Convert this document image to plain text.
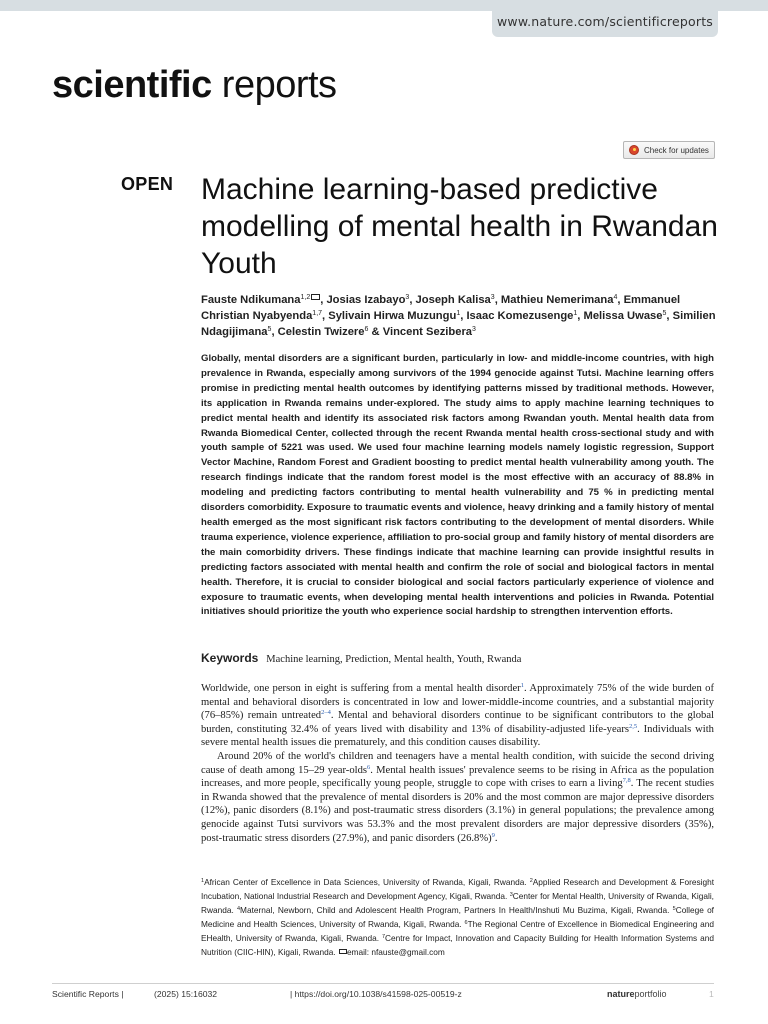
www.nature.com/scientificreports
scientific reports
Check for updates
OPEN Machine learning-based predictive modelling of mental health in Rwandan Youth
Fauste Ndikumana$^{1,2}$ , Josias Izabayo$^3$, Joseph Kalisa$^3$, Mathieu Nemerimana$^4$, Emmanuel Christian Nyabyenda$^{1,7}$, Sylivain Hirwa Muzungu$^1$, Isaac Komezusenge$^1$, Melissa Uwase$^5$, Similien Ndagijimana$^5$, Celestin Twizere$^6$ & Vincent Sezibera$^3$
Globally, mental disorders are a significant burden, particularly in low- and middle-income countries, with high prevalence in Rwanda, especially among survivors of the 1994 genocide against Tutsi. Machine learning offers promise in predicting mental health outcomes by identifying patterns missed by traditional methods. However, its application in Rwanda remains under-explored. The study aims to apply machine learning techniques to predict mental health and identify its associated risk factors among Rwandan youth. Mental health data from Rwanda Biomedical Center, collected through the recent Rwanda mental health cross-sectional study and with youth sample of 5221 was used. We used four machine learning models namely logistic regression, Support Vector Machine, Random Forest and Gradient boosting to predict mental health vulnerability among youth. The research findings indicate that the random forest model is the most effective with an accuracy of 88.8% in modeling and predicting factors contributing to mental health vulnerability and 75 % in predicting mental disorders comorbidity. Exposure to traumatic events and violence, heavy drinking and a family history of mental health emerged as the most significant risk factors contributing to the development of mental disorders. While trauma experience, violence experience, affiliation to pro-social group and family history of mental disorders are the main comorbidity drivers. These findings indicate that machine learning can provide insightful results in predicting factors associated with mental health and confirm the role of social and biological factors in mental health. Therefore, it is crucial to consider biological and social factors particularly experience of violence and exposure to traumatic events, when developing mental health interventions and policies in Rwanda. Potential initiatives should prioritize the youth who experience social hardship to strengthen intervention efforts.
Keywords Machine learning, Prediction, Mental health, Youth, Rwanda

Worldwide, one person in eight is suffering from a mental health disorder$^1$. Approximately 75% of the wide burden of mental and behavioral disorders is concentrated in low and lower-middle-income countries, and a substantial majority (76–85%) remain untreated$^{2-4}$. Mental and behavioral disorders continue to be significant contributors to the global burden, constituting 32.4% of years lived with disability and 13% of disability-adjusted life-years$^{2,5}$. Individuals with severe mental health issues die prematurely, and this condition causes disability.

Around 20% of the world's children and teenagers have a mental health condition, with suicide the second driving cause of death among 15–29 year-olds$^6$. Mental health issues' prevalence seems to be rising in Africa as the population increases, and more people, specifically young people, struggle to cope with crises to earn a living$^{7,8}$. The recent studies in Rwanda showed that the prevalence of mental disorders is 20% and the most common are major depressive disorders (12%), panic disorders (8.1%) and post-traumatic stress disorders (3.1%) in general populations; the prevalence among genocide against Tutsi survivors was 53.3% and the most prevalent disorders are major depressive disorders (35%), post-traumatic stress disorders (27.9%), and panic disorders $(26.8\%)^9$.

$^1$African Center of Excellence in Data Sciences, University of Rwanda, Kigali, Rwanda. $^2$Applied Research and Development & Foresight Incubation, National Industrial Research and Development Agency, Kigali, Rwanda. $^3$Center for Mental Health, University of Rwanda, Kigali, Rwanda. $^4$Maternal, Newborn, Child and Adolescent Health Program, Partners In Health/Inshuti Mu Buzima, Kigali, Rwanda. $^5$College of Medicine and Health Sciences, University of Rwanda, Kigali, Rwanda. $^6$The Regional Centre of Excellence in Biomedical Engineering and EHealth, University of Rwanda, Kigali, Rwanda. $^7$Centre for Impact, Innovation and Capacity Building for Health Information Systems and Nutrition (CIIC-HIN), Kigali, Rwanda. email: nfauste@gmail.com
Scientific Reports |	(2025) 15:16032	| https://doi.org/10.1038/s41598-025-00519-z	natureportfolio	1
